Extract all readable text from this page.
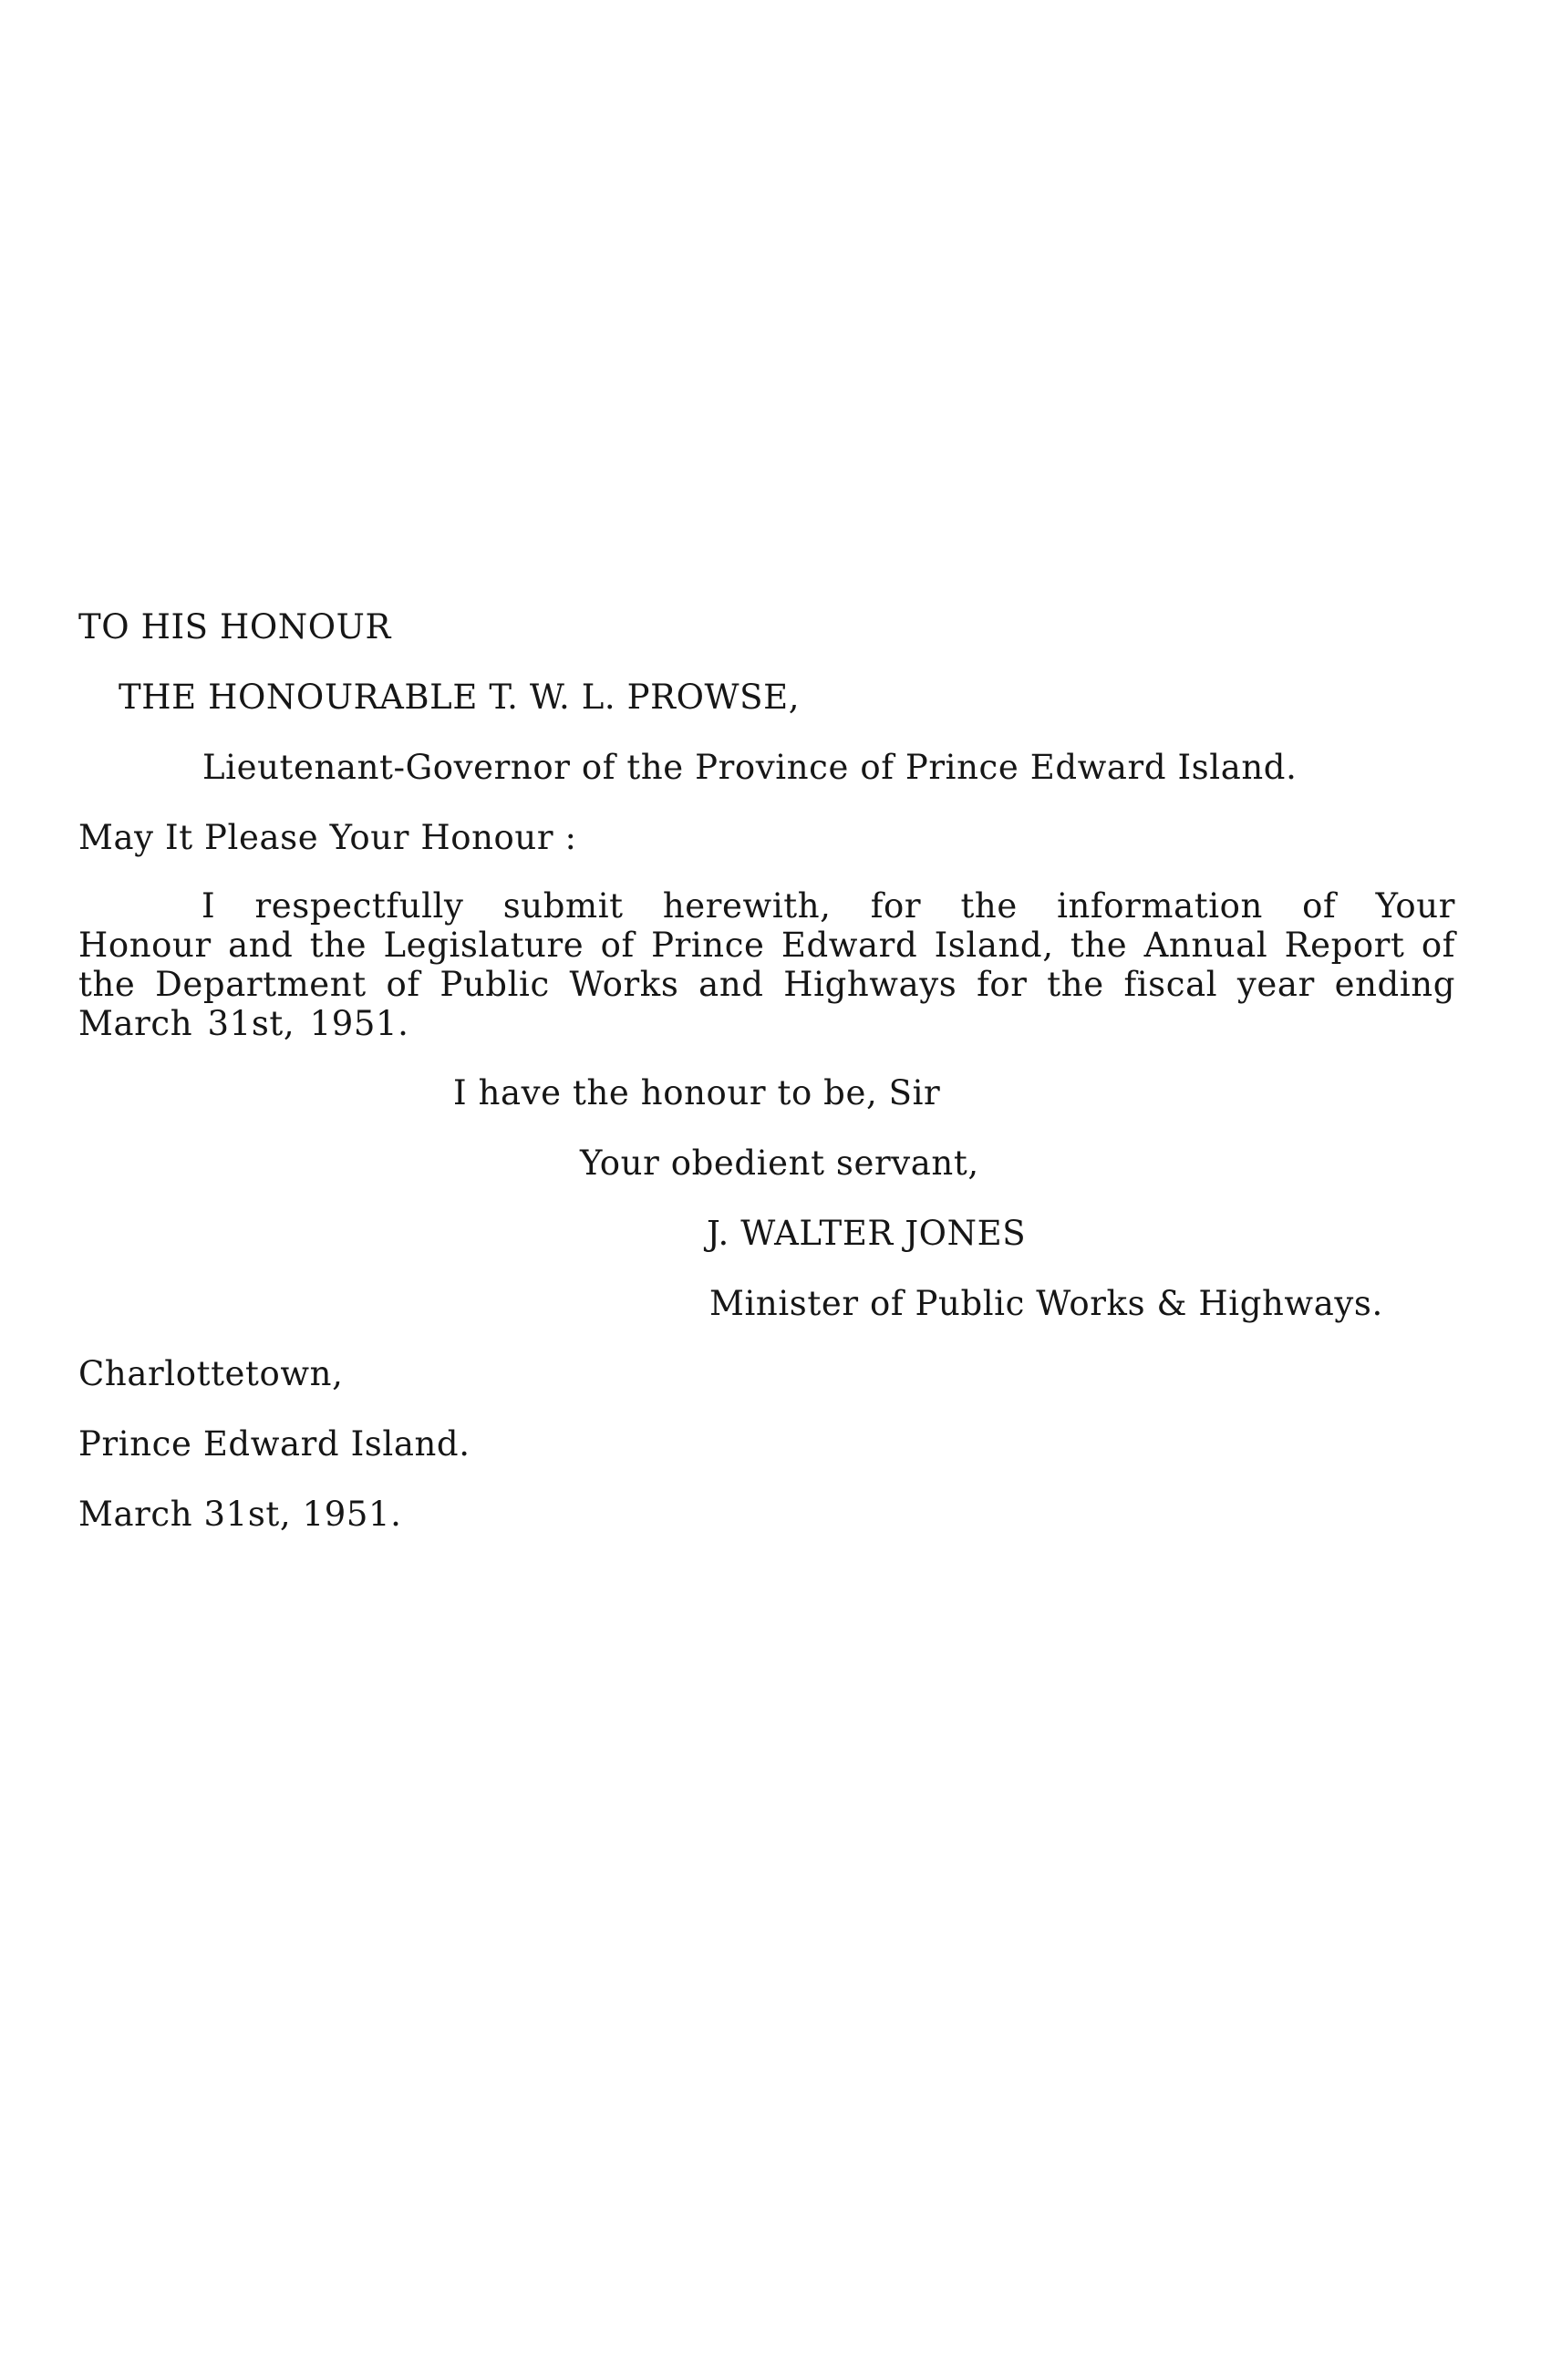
TO HIS HONOUR
THE HONOURABLE T. W. L. PROWSE,
Lieutenant-Governor of the Province of Prince Edward Island.
May It Please Your Honour :
I respectfully submit herewith, for the information of Your
Honour and the Legislature of Prince Edward Island, the Annual Report of the Department of Public Works and Highways for the fiscal year ending March 31st, 1951.
I have the honour to be, Sir
Your obedient servant,
J. WALTER JONES
Minister of Public Works & Highways.
Charlottetown,
Prince Edward Island.
March 31st, 1951.
